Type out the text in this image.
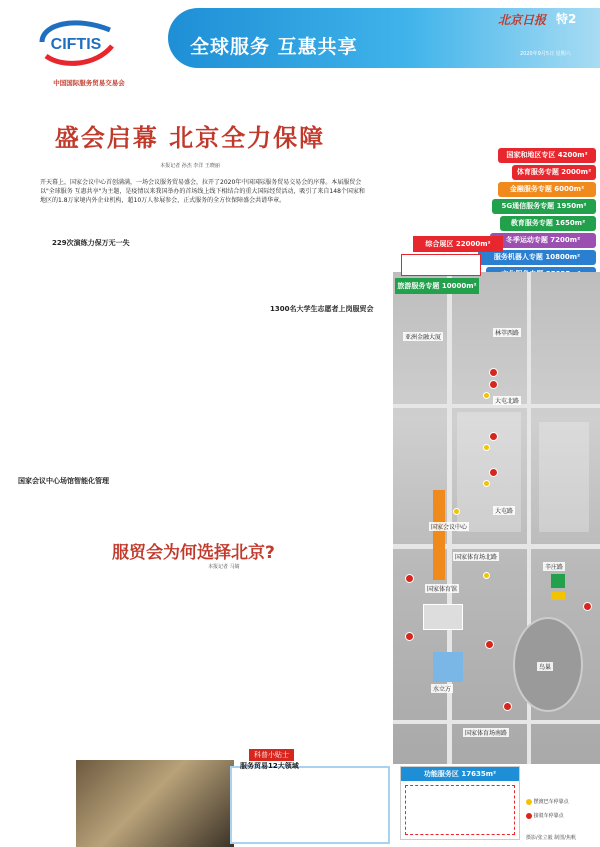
CIFTIS
中国国际服务贸易交易会
全球服务 互惠共享
北京日报 特2
2020年9月5日 星期六
盛会启幕 北京全力保障
本报记者 孙杰 李洋 王晓丽
开天幕上，国家会议中心首创满满，一场会议服务贸易盛会，拉开了2020年中国国际服务贸易交易会的序幕。本届服贸会以"全球服务 互惠共享"为主题，是疫情以来我国举办的首场线上线下相结合的重大国际经贸活动，吸引了来自148个国家和地区的1.8万家境内外企业机构，超10万人参展参会，正式服务的全方位保障盛会共谱华章。
国家和地区专区 4200m²
体育服务专题 2000m²
金融服务专题 6000m²
5G通信服务专题 1950m²
教育服务专题 1650m²
冬季运动专题 7200m²
服务机器人专题 10800m²
229次演练力保万无一失
1300名大学生志愿者上岗服贸会
国家会议中心场馆智能化管理
综合展区 22000m²
旅游服务专题 10000m²
亚洲金融大厦
林萃西路
大屯北路
大屯路
国家会议中心
国家体育场北路
鸟巢
水立方
国家体育馆
国家体育场南路
辛庄路
功能服务区 17635m²
摆渡巴车停靠点
接驳车停靠点
服贸会为何选择北京?
本报记者 马婧
科普小贴士
服务贸易12大领域
摄影/张立毅 制图/焦帆
